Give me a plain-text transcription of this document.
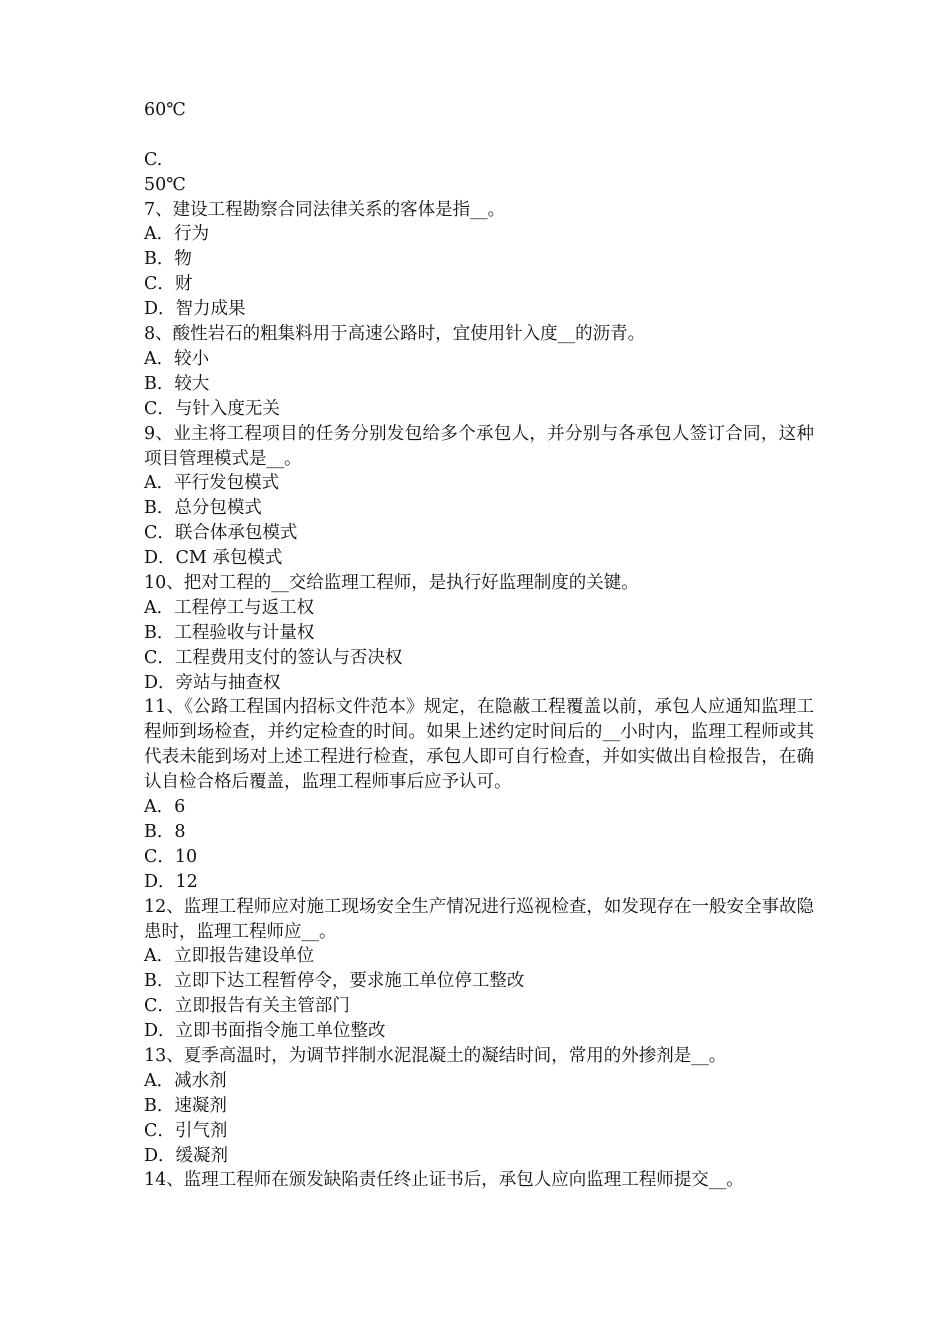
60℃
C.
50℃
7、建设工程勘察合同法律关系的客体是指__。
A．行为
B．物
C．财
D．智力成果
8、酸性岩石的粗集料用于高速公路时，宜使用针入度__的沥青。
A．较小
B．较大
C．与针入度无关
9、业主将工程项目的任务分别发包给多个承包人，并分别与各承包人签订合同，这种项目管理模式是__。
A．平行发包模式
B．总分包模式
C．联合体承包模式
D．CM 承包模式
10、把对工程的__交给监理工程师，是执行好监理制度的关键。
A．工程停工与返工权
B．工程验收与计量权
C．工程费用支付的签认与否决权
D．旁站与抽查权
11、《公路工程国内招标文件范本》规定，在隐蔽工程覆盖以前，承包人应通知监理工程师到场检查，并约定检查的时间。如果上述约定时间后的__小时内，监理工程师或其代表未能到场对上述工程进行检查，承包人即可自行检查，并如实做出自检报告，在确认自检合格后覆盖，监理工程师事后应予认可。
A．6
B．8
C．10
D．12
12、监理工程师应对施工现场安全生产情况进行巡视检查，如发现存在一般安全事故隐患时，监理工程师应__。
A．立即报告建设单位
B．立即下达工程暂停令，要求施工单位停工整改
C．立即报告有关主管部门
D．立即书面指令施工单位整改
13、夏季高温时，为调节拌制水泥混凝土的凝结时间，常用的外掺剂是__。
A．减水剂
B．速凝剂
C．引气剂
D．缓凝剂
14、监理工程师在颁发缺陷责任终止证书后，承包人应向监理工程师提交__。
